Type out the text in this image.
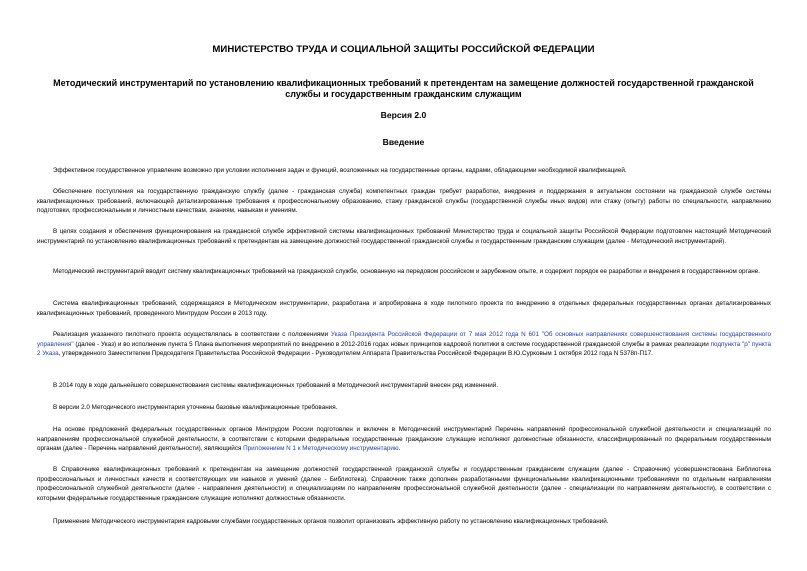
МИНИСТЕРСТВО ТРУДА И СОЦИАЛЬНОЙ ЗАЩИТЫ РОССИЙСКОЙ ФЕДЕРАЦИИ
Методический инструментарий по установлению квалификационных требований к претендентам на замещение должностей государственной гражданской службы и государственным гражданским служащим
Версия 2.0
Введение

Эффективное государственное управление возможно при условии исполнения задач и функций, возложенных на государственные органы, кадрами, обладающими необходимой квалификацией.

Обеспечение поступления на государственную гражданскую службу (далее - гражданская служба) компетентных граждан требует разработки, внедрения и поддержания в актуальном состоянии на гражданской службе системы квалификационных требований, включающей детализированные требования к профессиональному образованию, стажу гражданской службы (государственной службы иных видов) или стажу (опыту) работы по специальности, направлению подготовки, профессиональным и личностным качествам, знаниям, навыкам и умениям.

В целях создания и обеспечения функционирования на гражданской службе эффективной системы квалификационных требований Министерство труда и социальной защиты Российской Федерации подготовлен настоящий Методический инструментарий по установлению квалификационных требований к претендентам на замещение должностей государственной гражданской службы и государственным гражданским служащим (далее - Методический инструментарий).

Методический инструментарий вводит систему квалификационных требований на гражданской службе, основанную на передовом российском и зарубежном опыте, и содержит порядок ее разработки и внедрения в государственном органе.

Система квалификационных требований, содержащаяся в Методическом инструментарии, разработана и апробирована в ходе пилотного проекта по внедрению в отдельных федеральных государственных органах детализированных квалификационных требований, проведенного Минтрудом России в 2013 году.

Реализация указанного пилотного проекта осуществлялась в соответствии с положениями Указа Президента Российской Федерации от 7 мая 2012 года N 601 "Об основных направлениях совершенствования системы государственного управления" (далее - Указ) и во исполнение пункта 5 Плана выполнения мероприятий по внедрению в 2012-2016 годах новых принципов кадровой политики в системе государственной гражданской службы в рамках реализации подпункта "р" пункта 2 Указа, утвержденного Заместителем Председателя Правительства Российской Федерации - Руководителем Аппарата Правительства Российской Федерации В.Ю.Сурковым 1 октября 2012 года N 5378п-П17.

В 2014 году в ходе дальнейшего совершенствования системы квалификационных требований в Методический инструментарий внесен ряд изменений.

В версии 2.0 Методического инструментария уточнены базовые квалификационные требования.

На основе предложений федеральных государственных органов Минтрудом России подготовлен и включен в Методический инструментарий Перечень направлений профессиональной служебной деятельности и специализаций по направлениям профессиональной служебной деятельности, в соответствии с которыми федеральные государственные гражданские служащие исполняют должностные обязанности, классифицированный по федеральным государственным органам (далее - Перечень направлений деятельности), являющийся Приложением N 1 к Методическому инструментарию.

В Справочнике квалификационных требований к претендентам на замещение должностей государственной гражданской службы и государственным гражданским служащим (далее - Справочник) усовершенствована Библиотека профессиональных и личностных качеств и соответствующих им навыков и умений (далее - Библиотека). Справочник также дополнен разработанными функциональными квалификационными требованиями по отдельным направлениям профессиональной служебной деятельности (далее - направления деятельности) и специализациям по направлениям профессиональной служебной деятельности (далее - специализации по направлениям деятельности), в соответствии с которыми федеральные государственные гражданские служащие исполняют должностные обязанности.

Применение Методического инструментария кадровыми службами государственных органов позволит организовать эффективную работу по установлению квалификационных требований.
